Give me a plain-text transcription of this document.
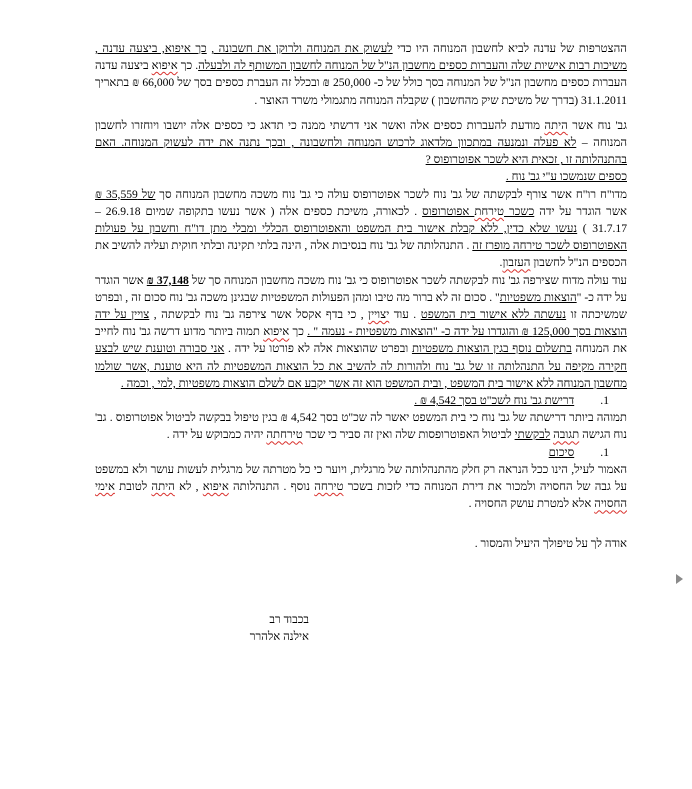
ההצטרפות של עדנה לביא לחשבון המנוחה היו כדי לעשוק את המנוחה ולרוקן את חשבונה , כך איפוא, ביצעה עדנה , משיכות רבות אישיות שלה והעברות כספים מחשבון הנ"ל של המנוחה לחשבון המשותף לה ולבעלה. כך איפוא ביצעה עדנה העברות כספים מחשבון הנ"ל של המנוחה בסך כולל של כ- 250,000 ₪ ובכלל זה העברת כספים בסך של 66,000 ₪ בתאריך 31.1.2011 (בדרך של משיכת שיק מהחשבון ) שקבלה המנוחה מתגמולי משרד האוצר .

גב' נוח אשר היתה מודעת להעברות כספים אלה ואשר אני דרשתי ממנה כי תדאג כי כספים אלה יושבו ויוחזרו לחשבון המנוחה – לא פעלה ונמנעה במתכוון מלדאוג לרכוש המנוחה ולחשבונה , ובכך נתנה את ידה לעשוק המנוחה. האם בהתנהלותה זו , זכאית היא לשכר אפוטרופוס ?

כספים שנמשכו ע"י גב' נוח .

מדו"ח רו"ח אשר צורף לבקשתה של גב' נוח לשכר אפוטרופוס עולה כי גב' נוח משכה מחשבון המנוחה סך של 35,559 ₪ אשר הוגדר על ידה כשכר טירחת אפוטרופוס . לכאורה, משיכת כספים אלה ( אשר נעשו בתקופה שמיום 26.9.18 – 31.7.17 ) נעשו שלא כדין, ללא קבלת אישור בית המשפט והאפוטרופוס הכללי ומבלי מתן דו"ח וחשבון על פעולות האפוטרופוס לשכר טירחה מופרז זה . התנהלותה של גב' נוח בנסיבות אלה , הינה בלתי תקינה ובלתי חוקית ועליה להשיב את הכספים הנ"ל לחשבון העזבון.

עוד עולה מדוח שצירפה גב' נוח לבקשתה לשכר אפוטרופוס כי גב' נוח משכה מחשבון המנוחה סך של 37,148 ₪ אשר הוגדר על ידה כ- "הוצאות משפטיות" . סכום זה לא ברור מה טיבו ומהן הפעולות המשפטיות שבגינן משכה גב' נוח סכום זה , ובפרט שמשיכתה זו נעשתה ללא אישור בית המשפט . עוד יצויין , כי בדף אקסל אשר צירפה גב' נוח לבקשתה , צויין על ידה הוצאות בסך 125,000 ₪ והוגדרו על ידה כ- "הוצאות משפטיות - נעמה " . כך איפוא תמוה ביותר מדוע דרשה גב' נוח לחייב את המנוחה בתשלום נוסף בגין הוצאות משפטיות ובפרט שהוצאות אלה לא פורטו על ידה . אני סבורה וטוענת שיש לבצע חקירה מקיפה על התנהלותה זו של גב' נוח ולהורות לה להשיב את כל הוצאות המשפטיות לה היא טוענת ,אשר שולמו מחשבון המנוחה ללא אישור בית המשפט , ובית המשפט הוא זה אשר יקבע אם לשלם הוצאות משפטיות ,למי , וכמה .

1.         דרישת גב' נוח לשכ"ט בסך 4,542 ₪ .

תמוהה ביותר דרישתה של גב' נוח כי בית המשפט יאשר לה שכ"ט בסך 4,542 ₪ בגין טיפול בבקשה לביטול אפוטרופוס . גב' נוח הגישה תגובה לבקשתי לביטול האפוטרופסות שלה ואין זה סביר כי שכר טירחתה יהיה כמבוקש על ידה .

1.         סיכום

האמור לעיל, הינו ככל הנראה רק חלק מהתנהלותה של מרגלית, ויוער כי כל מטרתה של מרגלית לעשות עושר ולא במשפט על גבה של החסויה ולמכור את דירת המנוחה כדי לזכות בשכר טירחה נוסף . התנהלותה איפוא , לא היתה לטובת אימי החסויה אלא למטרת עושק החסויה .

אודה לך על טיפולך היעיל והמסור .

בכבוד רב

אילנה אלהרר
